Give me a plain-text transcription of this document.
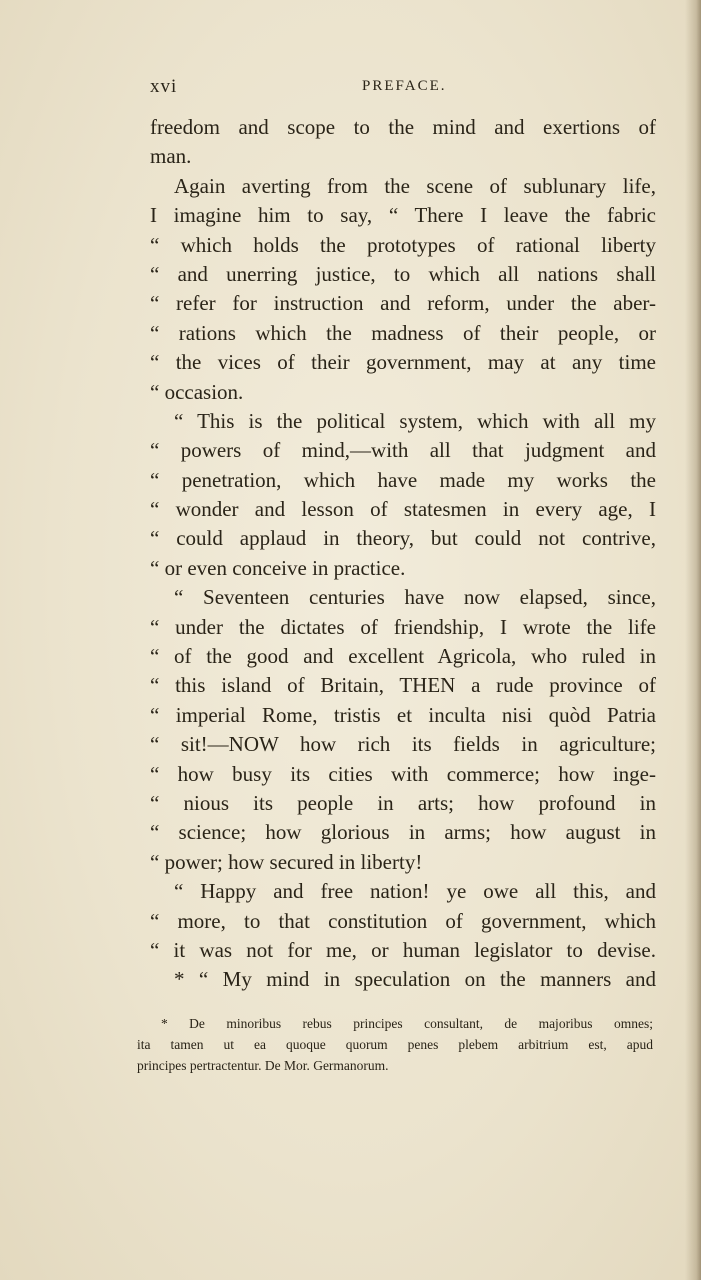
xvi	PREFACE.
freedom and scope to the mind and exertions of
man.
Again averting from the scene of sublunary life,
I imagine him to say, “ There I leave the fabric
“ which holds the prototypes of rational liberty
“ and unerring justice, to which all nations shall
“ refer for instruction and reform, under the aber-
“ rations which the madness of their people, or
“ the vices of their government, may at any time
“ occasion.
“ This is the political system, which with all my
“ powers of mind,—with all that judgment and
“ penetration, which have made my works the
“ wonder and lesson of statesmen in every age, I
“ could applaud in theory, but could not contrive,
“ or even conceive in practice.
“ Seventeen centuries have now elapsed, since,
“ under the dictates of friendship, I wrote the life
“ of the good and excellent Agricola, who ruled in
“ this island of Britain, THEN a rude province of
“ imperial Rome, tristis et inculta nisi quòd Patria
“ sit!—NOW how rich its fields in agriculture;
“ how busy its cities with commerce; how inge-
“ nious its people in arts; how profound in
“ science; how glorious in arms; how august in
“ power; how secured in liberty!
“ Happy and free nation! ye owe all this, and
“ more, to that constitution of government, which
“ it was not for me, or human legislator to devise.
* “ My mind in speculation on the manners and
* De minoribus rebus principes consultant, de majoribus omnes;
ita tamen ut ea quoque quorum penes plebem arbitrium est, apud
principes pertractentur. De Mor. Germanorum.
